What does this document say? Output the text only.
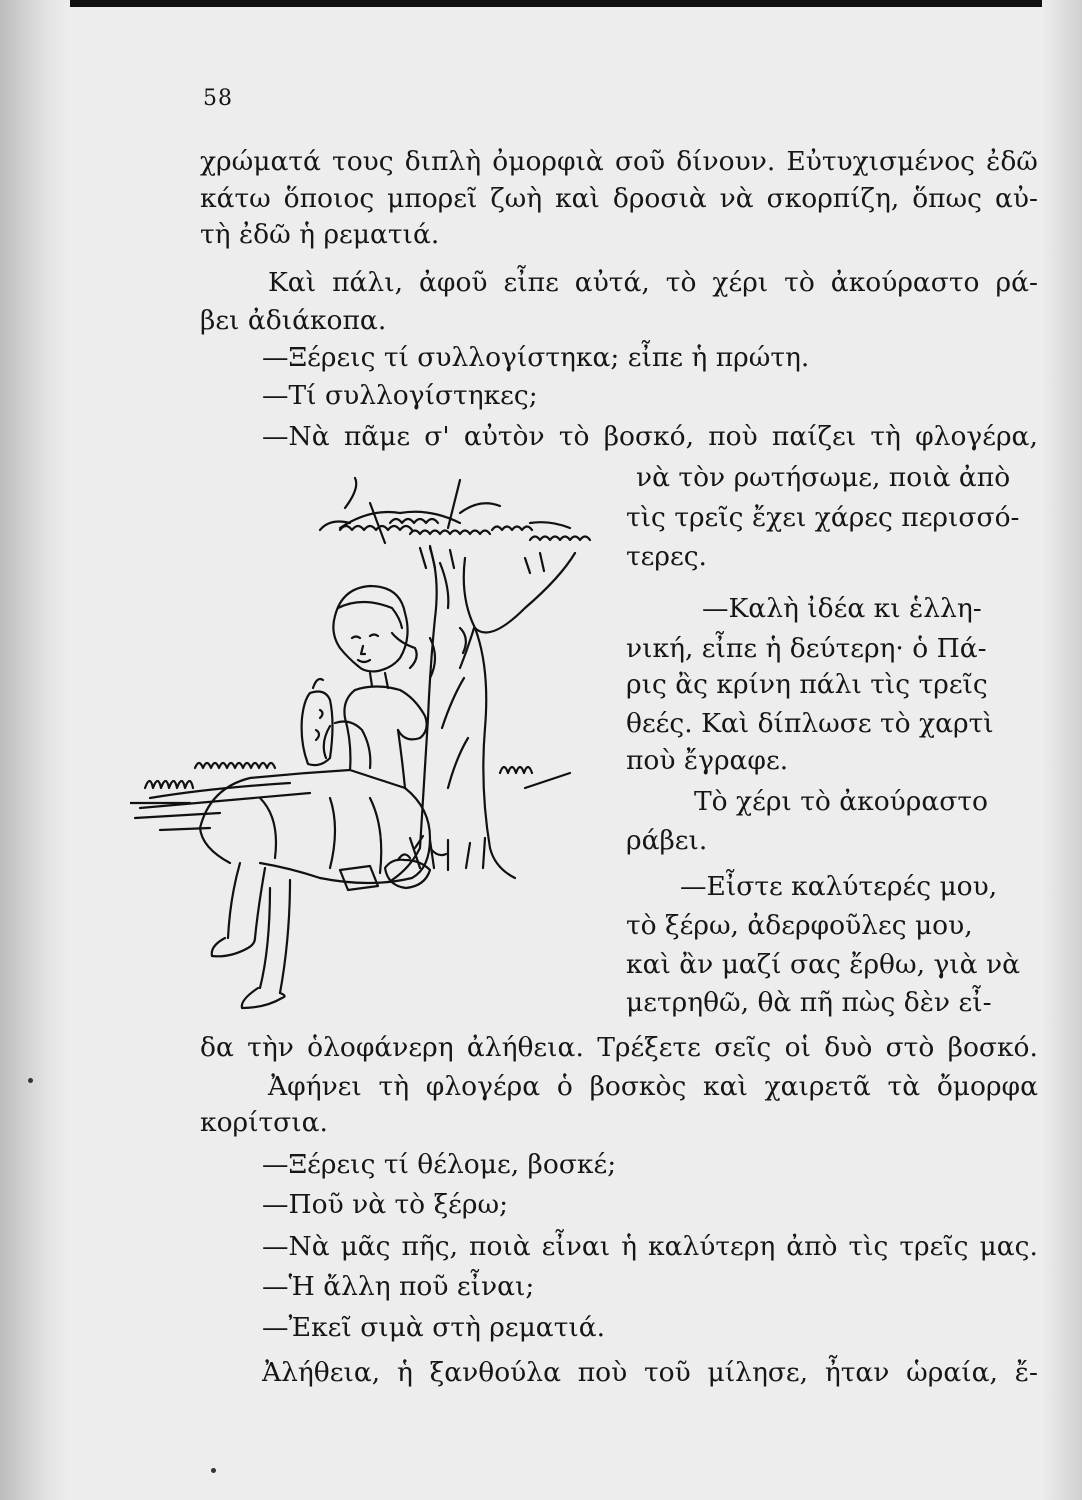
58
χρώματά τους διπλὴ ὀμορφιὰ σοῦ δίνουν. Εὐτυχισμένος ἐδῶ
κάτω ὅποιος μπορεῖ ζωὴ καὶ δροσιὰ νὰ σκορπίζη, ὅπως αὐ-
τὴ ἐδῶ ἡ ρεματιά.
Καὶ πάλι, ἀφοῦ εἶπε αὐτά, τὸ χέρι τὸ ἀκούραστο ρά-
βει ἀδιάκοπα.
—Ξέρεις τί συλλογίστηκα; εἶπε ἡ πρώτη.
—Τί συλλογίστηκες;
—Νὰ πᾶμε σ' αὐτὸν τὸ βοσκό, ποὺ παίζει τὴ φλογέρα,
νὰ τὸν ρωτήσωμε, ποιὰ ἀπὸ
τὶς τρεῖς ἔχει χάρες περισσό-
τερες.
—Καλὴ ἰδέα κι ἑλλη-
νική, εἶπε ἡ δεύτερη· ὁ Πά-
ρις ἂς κρίνη πάλι τὶς τρεῖς
θεές. Καὶ δίπλωσε τὸ χαρτὶ
ποὺ ἔγραφε.
Τὸ χέρι τὸ ἀκούραστο
ράβει.
—Εἶστε καλύτερές μου,
τὸ ξέρω, ἀδερφοῦλες μου,
καὶ ἂν μαζί σας ἔρθω, γιὰ νὰ
μετρηθῶ, θὰ πῆ πὼς δὲν εἶ-
δα τὴν ὁλοφάνερη ἀλήθεια. Τρέξετε σεῖς οἱ δυὸ στὸ βοσκό.
Ἀφήνει τὴ φλογέρα ὁ βοσκὸς καὶ χαιρετᾶ τὰ ὄμορφα
κορίτσια.
—Ξέρεις τί θέλομε, βοσκέ;
—Ποῦ νὰ τὸ ξέρω;
—Νὰ μᾶς πῆς, ποιὰ εἶναι ἡ καλύτερη ἀπὸ τὶς τρεῖς μας.
—Ἡ ἄλλη ποῦ εἶναι;
—Ἐκεῖ σιμὰ στὴ ρεματιά.
Ἀλήθεια, ἡ ξανθούλα ποὺ τοῦ μίλησε, ἦταν ὡραία, ἔ-
